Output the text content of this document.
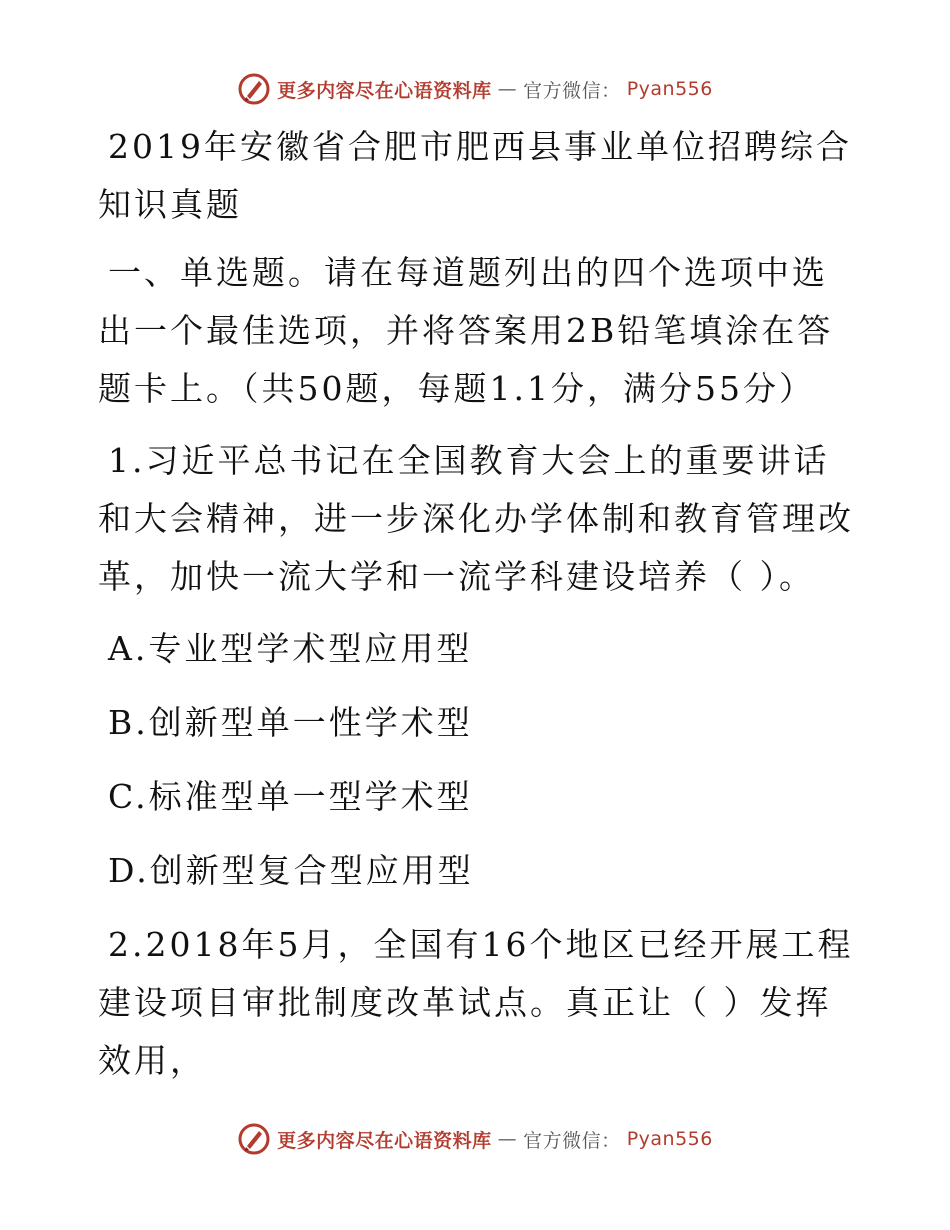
更多内容尽在心语资料库 — 官方微信： Pyan556

2019年安徽省合肥市肥西县事业单位招聘综合知识真题

一、单选题。请在每道题列出的四个选项中选出一个最佳选项，并将答案用2B铅笔填涂在答题卡上。（共50题，每题1.1分，满分55分）

1.习近平总书记在全国教育大会上的重要讲话和大会精神，进一步深化办学体制和教育管理改革，加快一流大学和一流学科建设培养（ ）。

A.专业型学术型应用型
B.创新型单一性学术型
C.标准型单一型学术型
D.创新型复合型应用型

2.2018年5月，全国有16个地区已经开展工程建设项目审批制度改革试点。真正让（ ）发挥效用，

更多内容尽在心语资料库 — 官方微信： Pyan556
